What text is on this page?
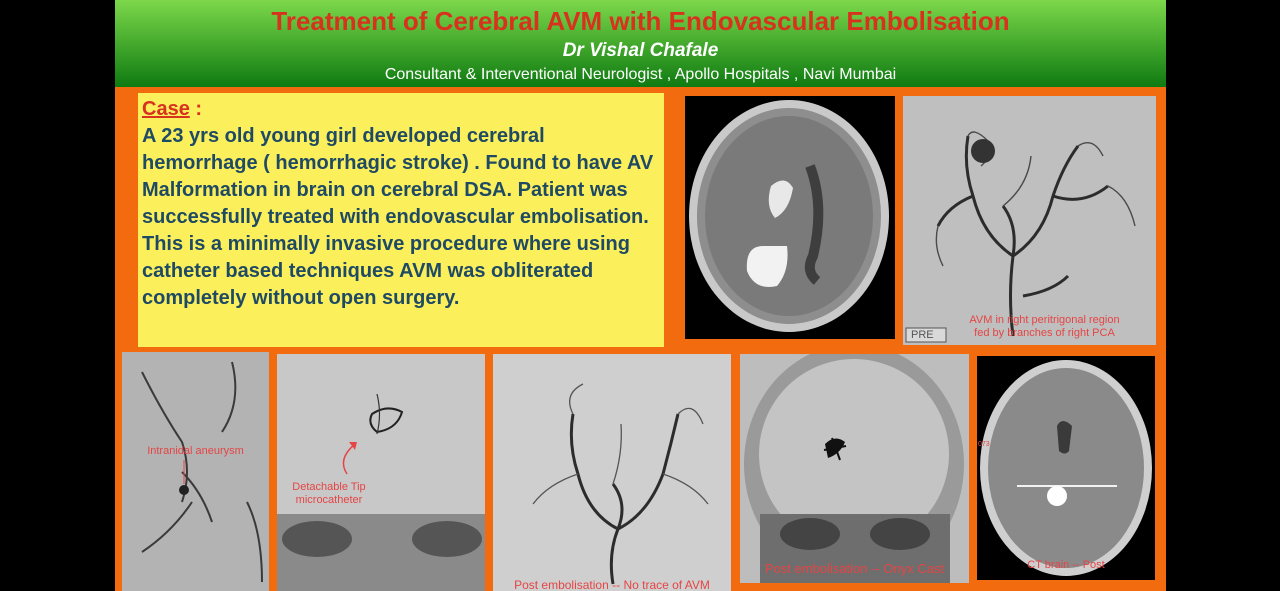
Treatment of Cerebral AVM with Endovascular Embolisation
Dr Vishal Chafale
Consultant & Interventional Neurologist , Apollo Hospitals , Navi Mumbai
Case :
A 23 yrs old young girl developed cerebral hemorrhage ( hemorrhagic stroke) . Found to have AV Malformation in brain on cerebral DSA. Patient was successfully treated with endovascular embolisation. This is a minimally invasive procedure where using catheter based techniques AVM was obliterated completely without open surgery.
PRE
AVM in right peritrigonal region
fed by branches of right PCA
Intranidal aneurysm
Detachable Tip
microcatheter
Post embolisation -- No trace of AVM
Post embolisation -- Onyx Cast
073
CT brain -- Post
